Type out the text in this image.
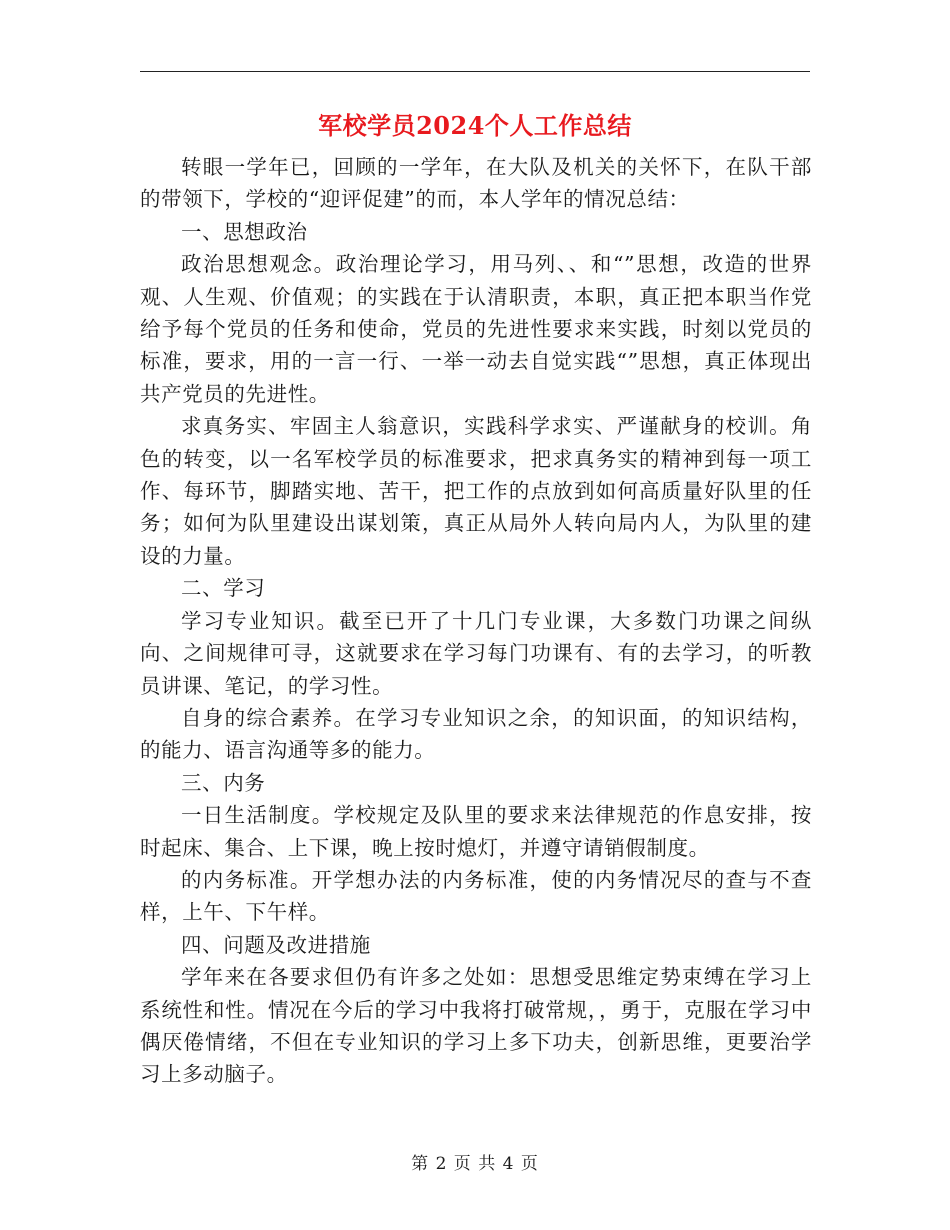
军校学员2024个人工作总结

转眼一学年已，回顾的一学年，在大队及机关的关怀下，在队干部的带领下，学校的“迎评促建”的而，本人学年的情况总结：

一、思想政治

政治思想观念。政治理论学习，用马列、、和“”思想，改造的世界观、人生观、价值观；的实践在于认清职责，本职，真正把本职当作党给予每个党员的任务和使命，党员的先进性要求来实践，时刻以党员的标准，要求，用的一言一行、一举一动去自觉实践“”思想，真正体现出共产党员的先进性。

求真务实、牢固主人翁意识，实践科学求实、严谨献身的校训。角色的转变，以一名军校学员的标准要求，把求真务实的精神到每一项工作、每环节，脚踏实地、苦干，把工作的点放到如何高质量好队里的任务；如何为队里建设出谋划策，真正从局外人转向局内人，为队里的建设的力量。

二、学习

学习专业知识。截至已开了十几门专业课，大多数门功课之间纵向、之间规律可寻，这就要求在学习每门功课有、有的去学习，的听教员讲课、笔记，的学习性。

自身的综合素养。在学习专业知识之余，的知识面，的知识结构，的能力、语言沟通等多的能力。

三、内务

一日生活制度。学校规定及队里的要求来法律规范的作息安排，按时起床、集合、上下课，晚上按时熄灯，并遵守请销假制度。

的内务标准。开学想办法的内务标准，使的内务情况尽的查与不查样，上午、下午样。

四、问题及改进措施

学年来在各要求但仍有许多之处如：思想受思维定势束缚在学习上系统性和性。情况在今后的学习中我将打破常规，，勇于，克服在学习中偶厌倦情绪，不但在专业知识的学习上多下功夫，创新思维，更要治学习上多动脑子。

第 2 页 共 4 页
